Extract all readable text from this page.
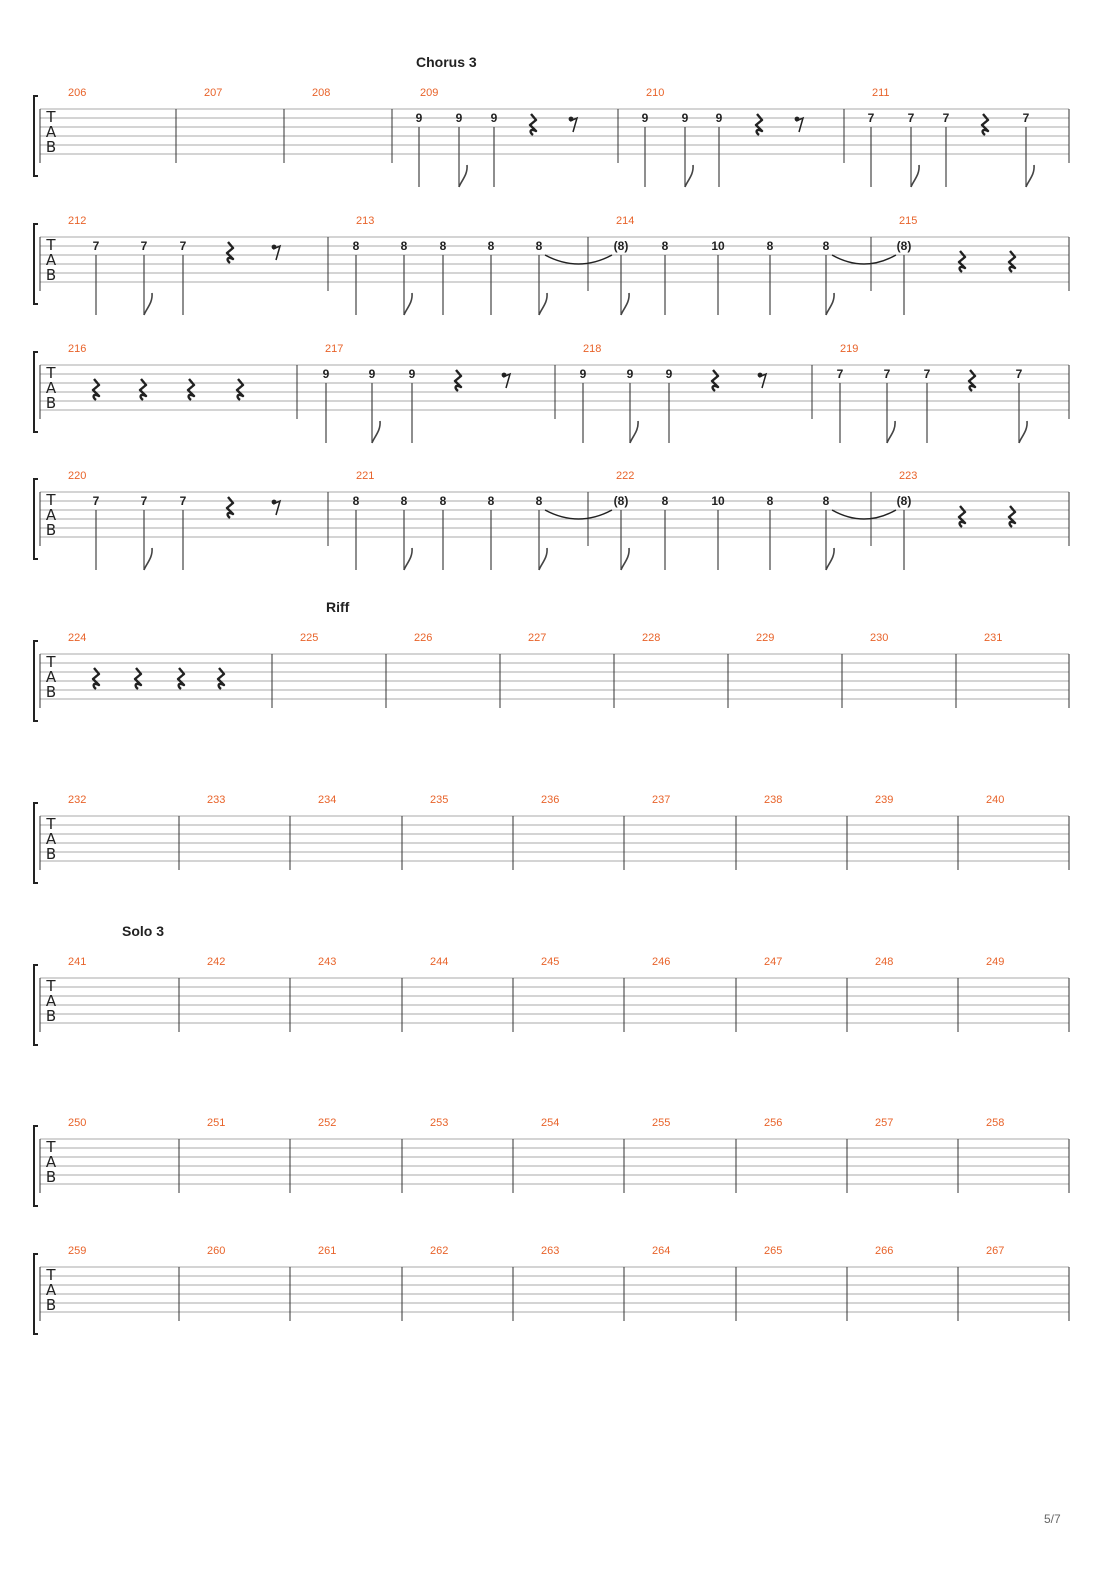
T
A
B
206	207	208	209	210	211
Chorus 3
T
A
B
212	213	214	215
T
A
B
216	217	218	219
T
A
B
220	221	222	223
T
A
B
224	225	226	227	228	229	230	231
Riff
T
A
B
232	233	234	235	236	237	238	239	240
T
A
B
241	242	243	244	245	246	247	248	249
Solo 3
T
A
B
250	251	252	253	254	255	256	257	258
T
A
B
259	260	261	262	263	264	265	266	267
9	9 9	9	9 9	7	7 7	7
7	7	7	8	8	8	8	8	(8)	8	10	8	8	(8)
9	9	9	9	9	9	7	7	7	7
7	7	7	8	8	8	8	8	(8)	8	10	8	8	(8)
5/7
